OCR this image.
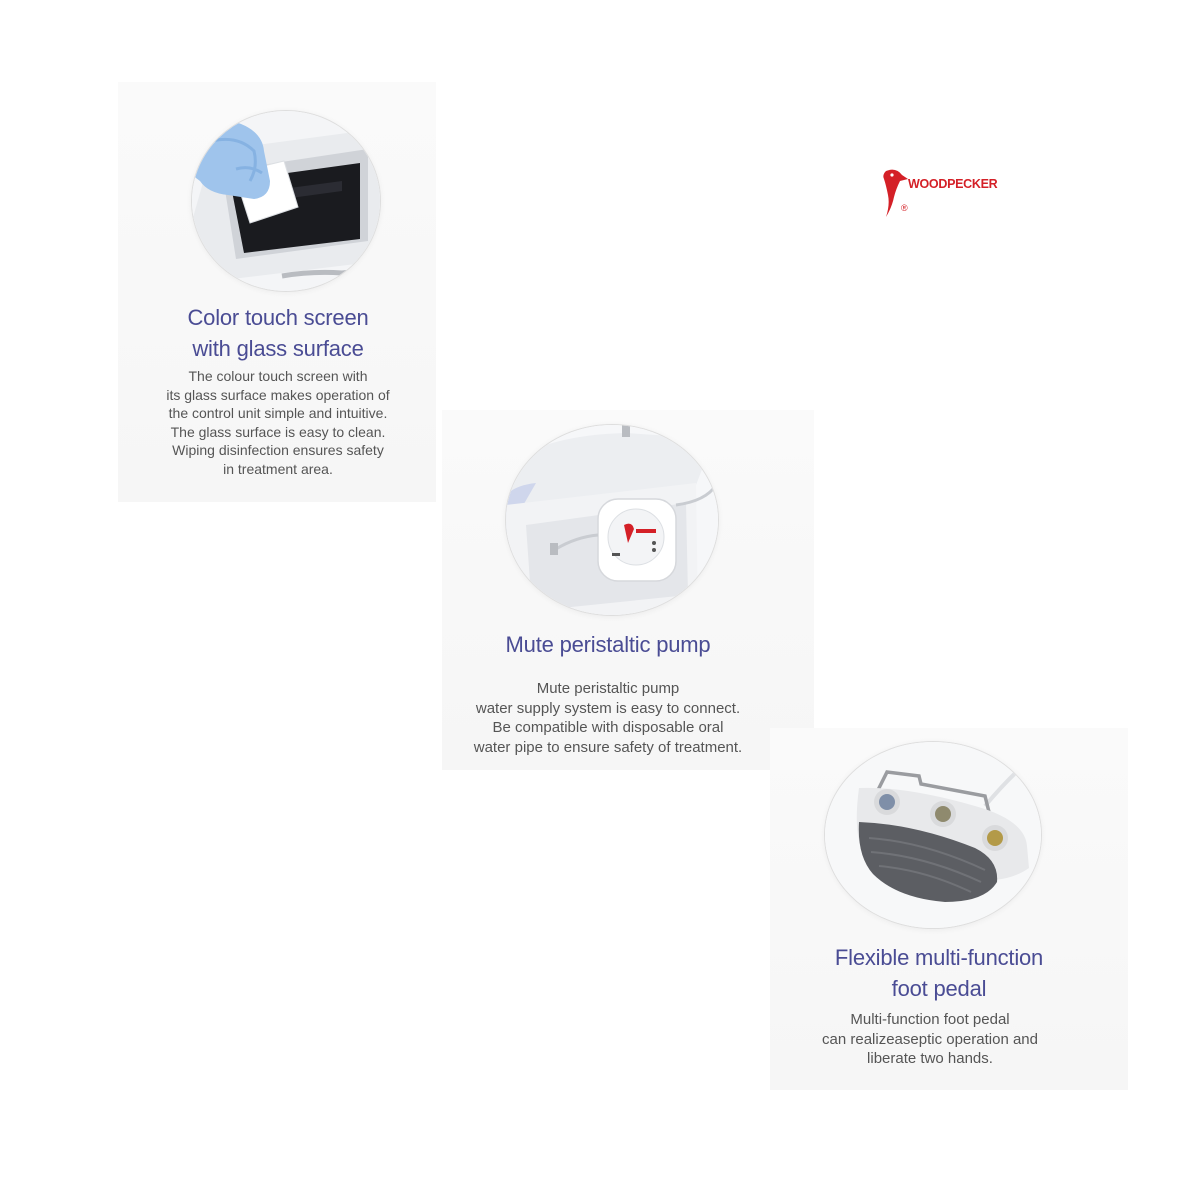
Color touch screen
with glass surface
The colour touch screen with
its glass surface makes operation of
the control unit simple and intuitive.
The glass surface is easy to clean.
Wiping disinfection ensures safety
in treatment area.
WOODPECKER
®
Mute peristaltic pump
Mute peristaltic pump
water supply system is easy to connect.
Be compatible with disposable oral
water pipe to ensure safety of treatment.
Flexible multi-function
foot pedal
Multi-function foot pedal
can realizeaseptic operation and
liberate two hands.
